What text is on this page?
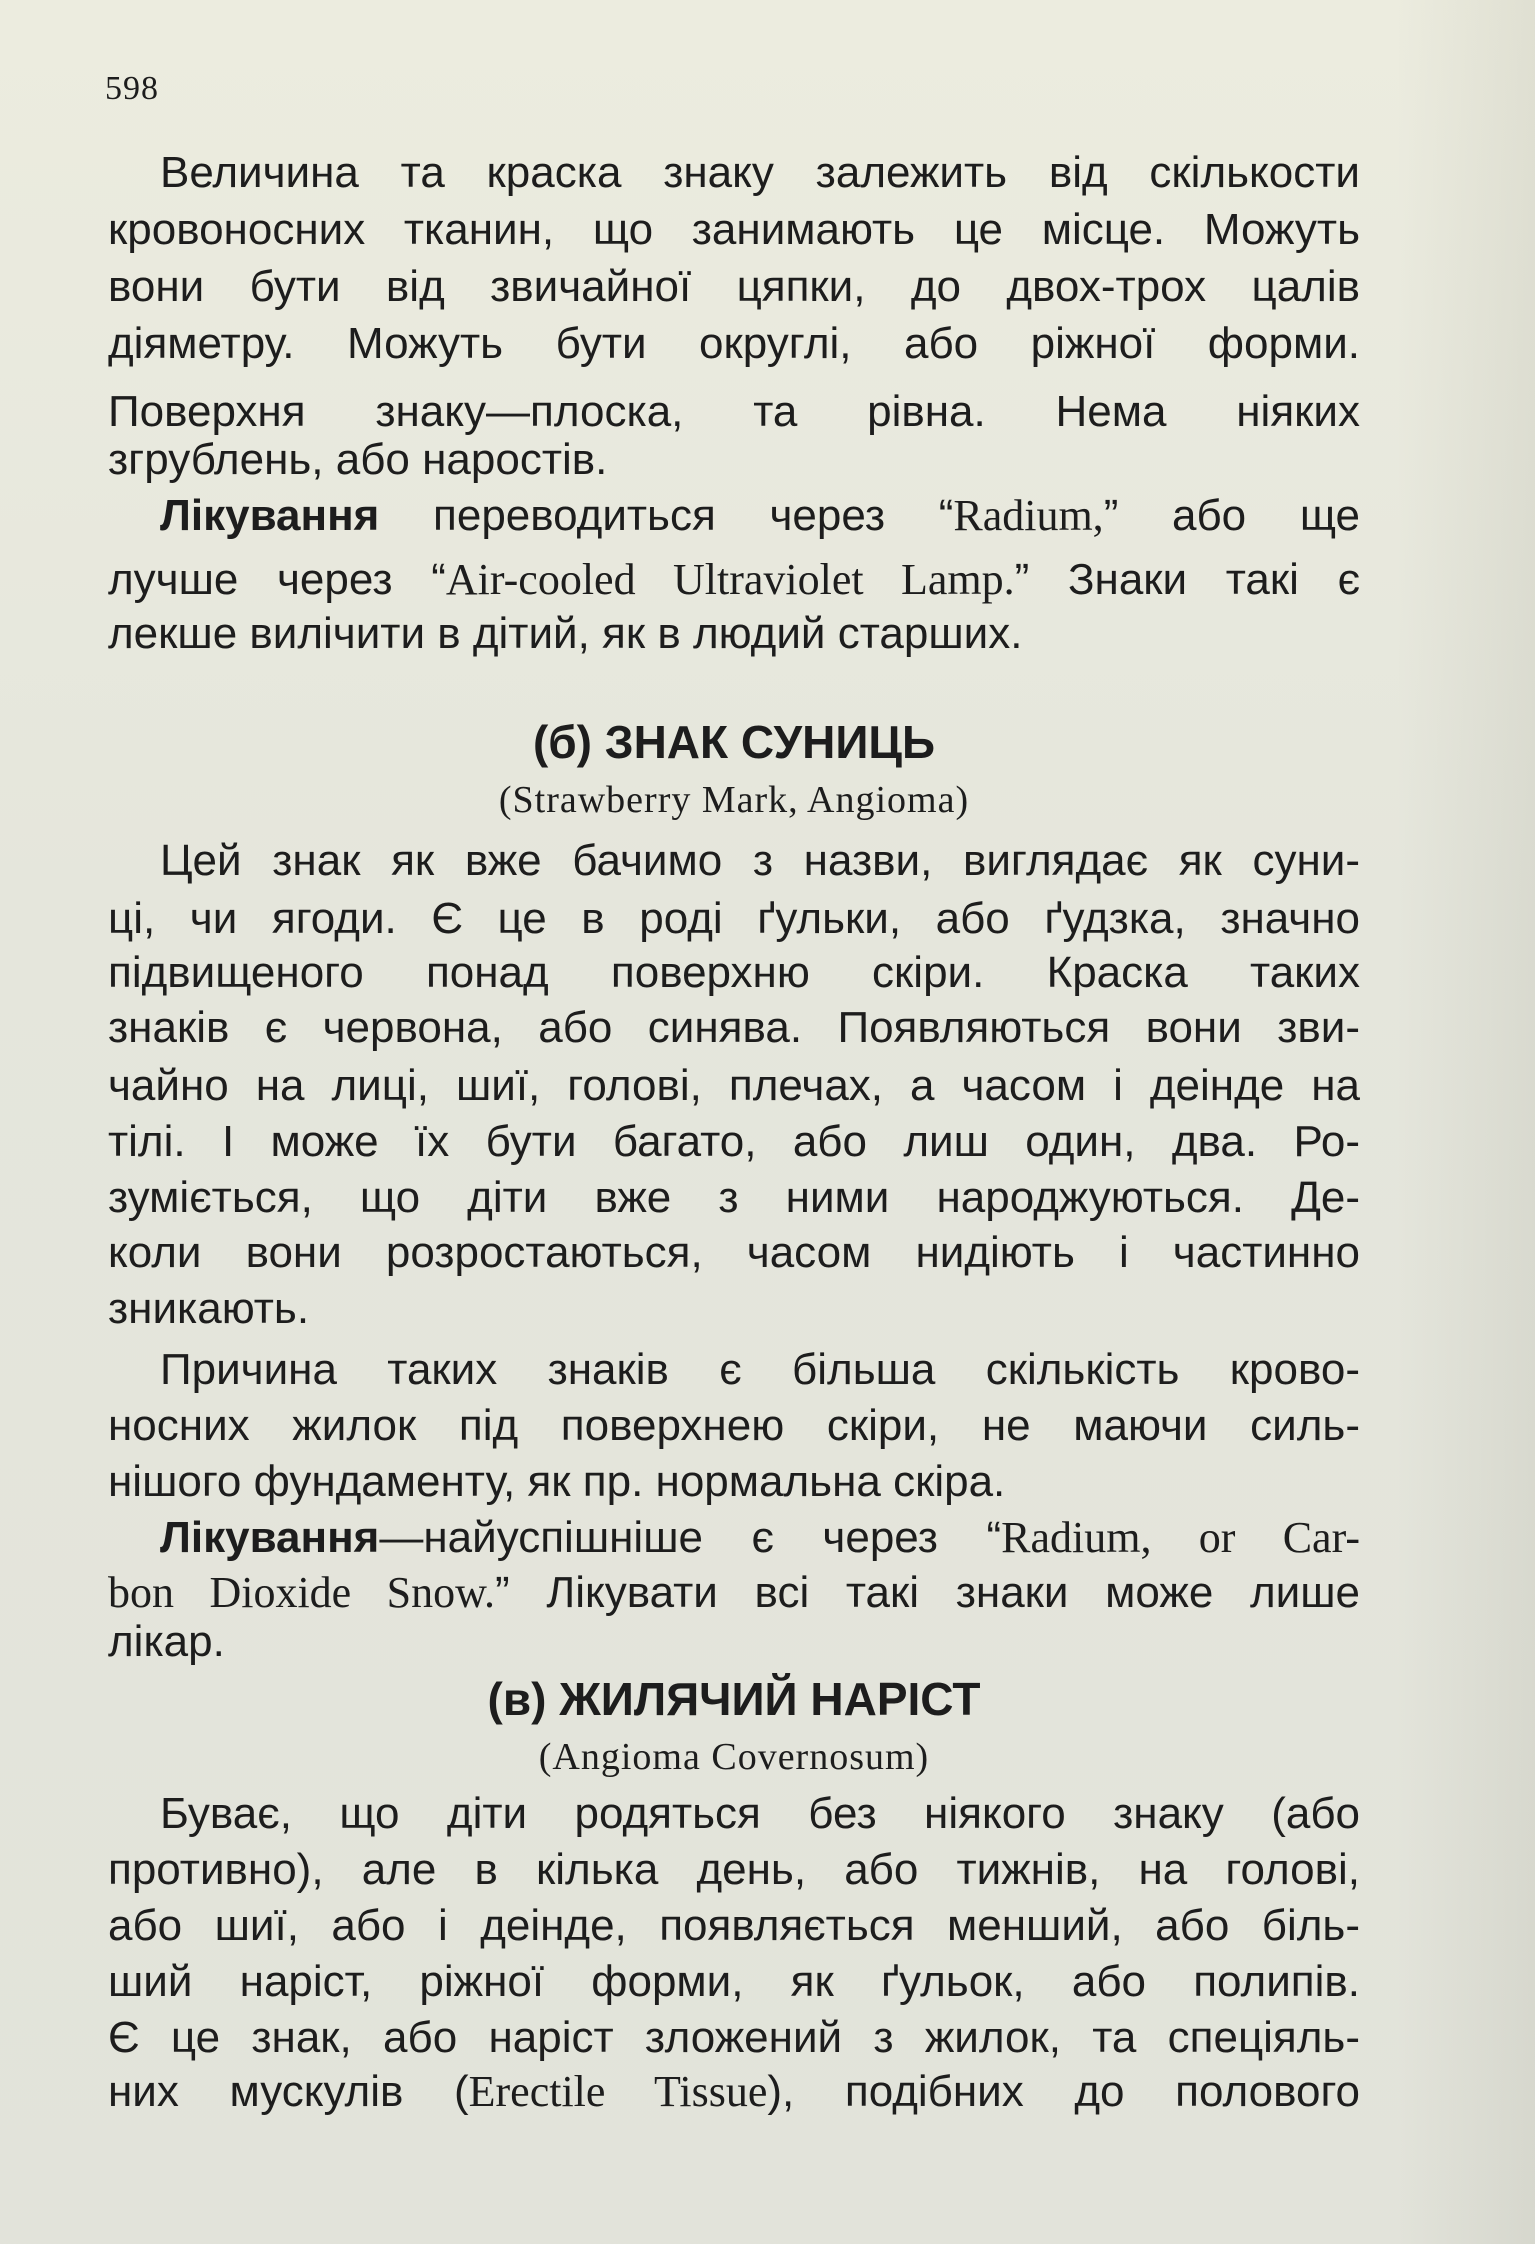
598
Величина та краска знаку залежить від скількости
кровоносних тканин, що занимають це місце. Можуть
вони бути від звичайної цяпки, до двох-трох цалів
діяметру. Можуть бути округлі, або ріжної форми.
Поверхня знаку—плоска, та рівна. Нема ніяких
згрублень, або наростів.
Лікування переводиться через “Radium,” або ще
лучше через “Air-cooled Ultraviolet Lamp.” Знаки такі є
лекше вилічити в дітий, як в людий старших.
(б) ЗНАК СУНИЦЬ
(Strawberry Mark, Angioma)
Цей знак як вже бачимо з назви, виглядає як суни-
ці, чи ягоди. Є це в роді ґульки, або ґудзка, значно
підвищеного понад поверхню скіри. Краска таких
знаків є червона, або синява. Появляються вони зви-
чайно на лиці, шиї, голові, плечах, а часом і деінде на
тілі. І може їх бути багато, або лиш один, два. Ро-
зуміється, що діти вже з ними народжуються. Де-
коли вони розростаються, часом нидіють і частинно
зникають.
Причина таких знаків є більша скількість крово-
носних жилок під поверхнею скіри, не маючи силь-
нішого фундаменту, як пр. нормальна скіра.
Лікування—найуспішніше є через “Radium, or Car-
bon Dioxide Snow.” Лікувати всі такі знаки може лише
лікар.
(в) ЖИЛЯЧИЙ НАРІСТ
(Angioma Covernosum)
Буває, що діти родяться без ніякого знаку (або
противно), але в кілька день, або тижнів, на голові,
або шиї, або і деінде, появляється менший, або біль-
ший наріст, ріжної форми, як ґульок, або полипів.
Є це знак, або наріст зложений з жилок, та спеціяль-
них мускулів (Erectile Tissue), подібних до полового
